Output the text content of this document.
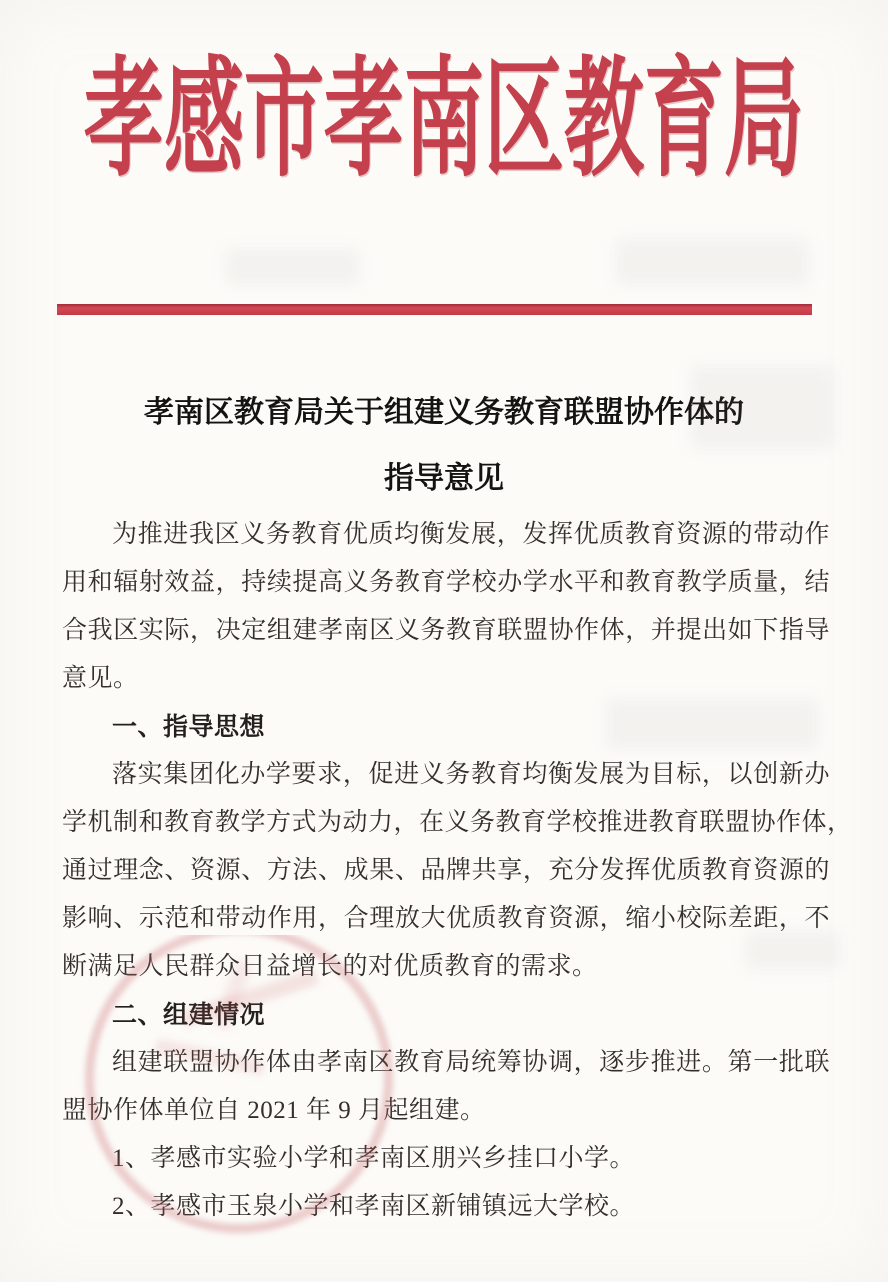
孝感市孝南区教育局
孝南区教育局关于组建义务教育联盟协作体的
指导意见
为推进我区义务教育优质均衡发展，发挥优质教育资源的带动作
用和辐射效益，持续提高义务教育学校办学水平和教育教学质量，结
合我区实际，决定组建孝南区义务教育联盟协作体，并提出如下指导
意见。
一、指导思想
落实集团化办学要求，促进义务教育均衡发展为目标，以创新办
学机制和教育教学方式为动力，在义务教育学校推进教育联盟协作体，
通过理念、资源、方法、成果、品牌共享，充分发挥优质教育资源的
影响、示范和带动作用，合理放大优质教育资源，缩小校际差距，不
断满足人民群众日益增长的对优质教育的需求。
二、组建情况
组建联盟协作体由孝南区教育局统筹协调，逐步推进。第一批联
盟协作体单位自 2021 年 9 月起组建。
1、孝感市实验小学和孝南区朋兴乡挂口小学。
2、孝感市玉泉小学和孝南区新铺镇远大学校。
